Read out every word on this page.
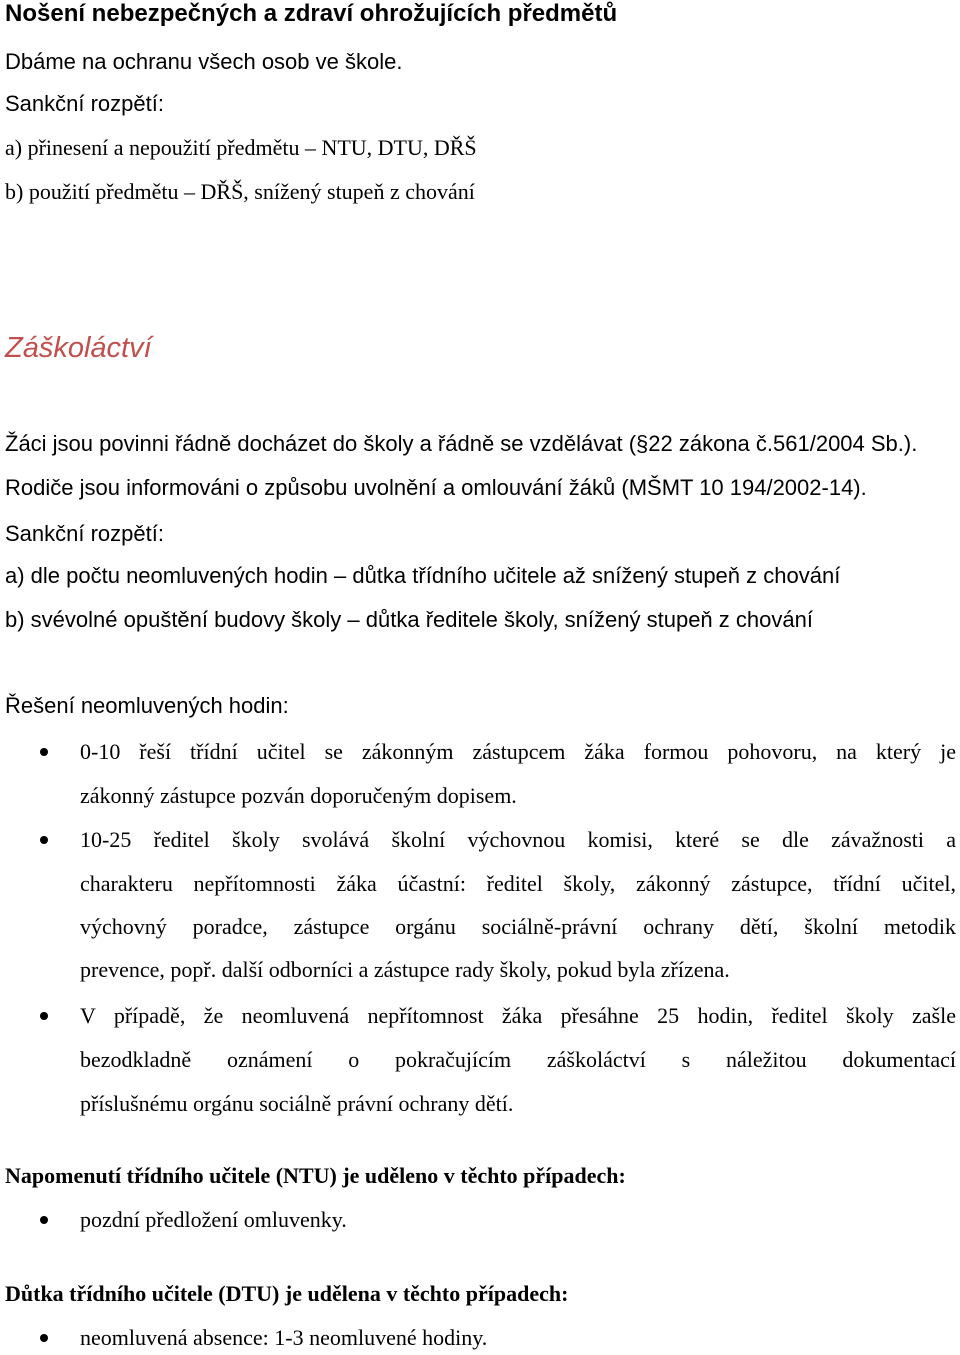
Nošení nebezpečných a zdraví ohrožujících předmětů
Dbáme na ochranu všech osob ve škole.
Sankční rozpětí:
a) přinesení a nepoužití předmětu – NTU, DTU, DŘŠ
b) použití předmětu – DŘŠ, snížený stupeň z chování
Záškoláctví
Žáci jsou povinni řádně docházet do školy a řádně se vzdělávat (§22 zákona č.561/2004 Sb.).
Rodiče jsou informováni o způsobu uvolnění a omlouvání žáků (MŠMT 10 194/2002-14).
Sankční rozpětí:
a) dle počtu neomluvených hodin – důtka třídního učitele až snížený stupeň z chování
b) svévolné opuštění budovy školy – důtka ředitele školy, snížený stupeň z chování
Řešení neomluvených hodin:
0-10 řeší třídní učitel se zákonným zástupcem žáka formou pohovoru, na který je
zákonný zástupce pozván doporučeným dopisem.
10-25 ředitel školy svolává školní výchovnou komisi, které se dle závažnosti a
charakteru nepřítomnosti žáka účastní: ředitel školy, zákonný zástupce, třídní učitel,
výchovný poradce, zástupce orgánu sociálně-právní ochrany dětí, školní metodik
prevence, popř. další odborníci a zástupce rady školy, pokud byla zřízena.
V případě, že neomluvená nepřítomnost žáka přesáhne 25 hodin, ředitel školy zašle
bezodkladně oznámení o pokračujícím záškoláctví s náležitou dokumentací
příslušnému orgánu sociálně právní ochrany dětí.
Napomenutí třídního učitele (NTU) je uděleno v těchto případech:
pozdní předložení omluvenky.
Důtka třídního učitele (DTU) je udělena v těchto případech:
neomluvená absence: 1-3 neomluvené hodiny.
